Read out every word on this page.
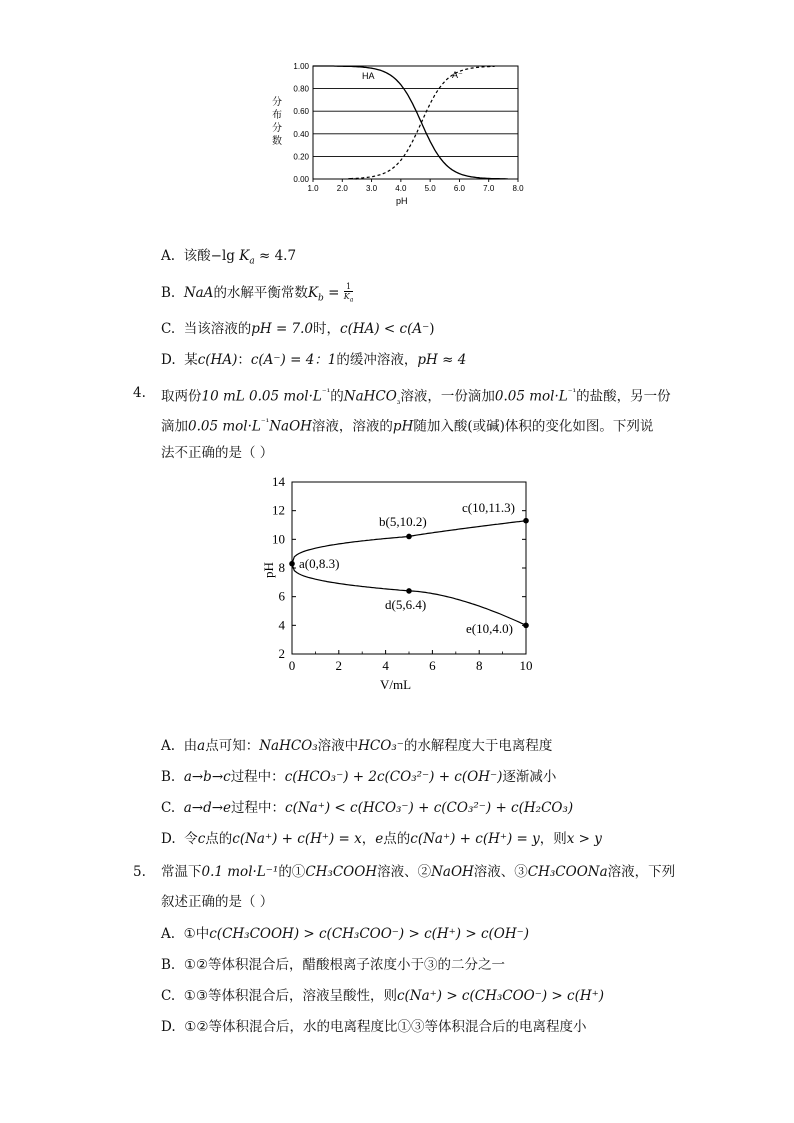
0.00
0.20
0.40
0.60
0.80
1.00
1.0 2.0 3.0 4.0 5.0 6.0 7.0 8.0
HA	A⁻
分
布
分
数
pH
A. 该酸−lg $K_a \approx 4.7$
B. NaA的水解平衡常数$K_b = \frac{1}{K_a}$
C. 当该溶液的pH = 7.0时，c(HA) < c(A⁻)
D. 某c(HA)：c(A⁻) = 4：1的缓冲溶液，pH ≈ 4
4. 取两份10 mL 0.05 $mol\cdot L^{^{-1}}$的NaHCO$_{_3}$溶液，一份滴加0.05 $mol\cdot L^{^{-1}}$的盐酸，另一份
滴加0.05 $mol\cdot L^{^{-1}}NaOH$溶液，溶液的pH随加入酸(或碱)体积的变化如图。下列说
法不正确的是（ ）
2
4
6
8
10
12
14
0	2	4	6	8	10
a(0,8.3)
b(5,10.2)
c(10,11.3)
d(5,6.4)
e(10,4.0)
pH
V/mL
A. 由a点可知：NaHCO₃溶液中HCO₃⁻的水解程度大于电离程度
B. a→b→c过程中：c(HCO₃⁻) + 2c(CO₃²⁻) + c(OH⁻)逐渐减小
C. a→d→e过程中：c(Na⁺) < c(HCO₃⁻) + c(CO₃²⁻) + c(H₂CO₃)
D. 令c点的c(Na⁺) + c(H⁺) = x，e点的c(Na⁺) + c(H⁺) = y，则x > y
5. 常温下0.1 mol·L⁻¹的①CH₃COOH溶液、②NaOH溶液、③CH₃COONa溶液，下列
叙述正确的是（ ）
A. ①中c(CH₃COOH) > c(CH₃COO⁻) > c(H⁺) > c(OH⁻)
B. ①②等体积混合后，醋酸根离子浓度小于③的二分之一
C. ①③等体积混合后，溶液呈酸性，则c(Na⁺) > c(CH₃COO⁻) > c(H⁺)
D. ①②等体积混合后，水的电离程度比①③等体积混合后的电离程度小
